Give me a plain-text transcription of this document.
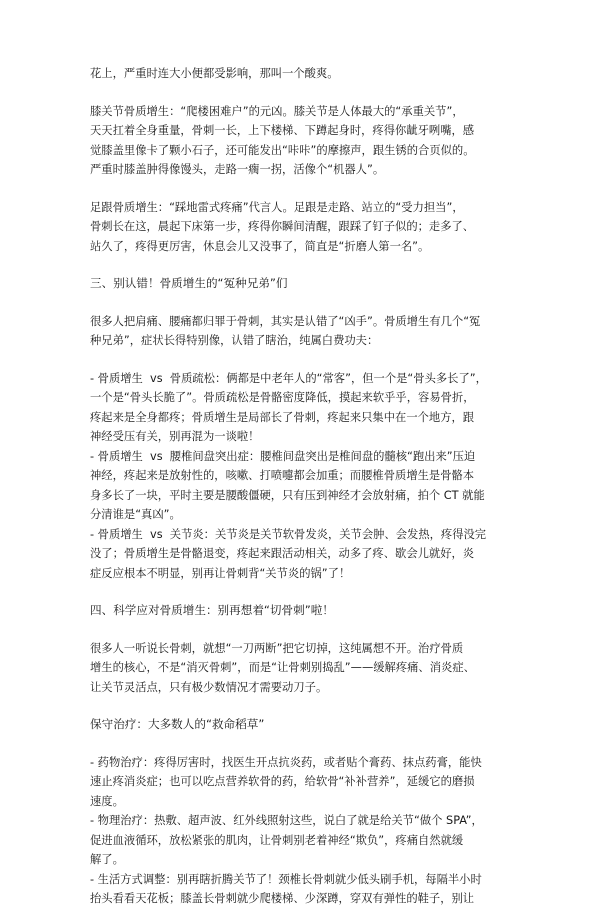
花上，严重时连大小便都受影响，那叫一个酸爽。
膝关节骨质增生：“爬楼困难户”的元凶。膝关节是人体最大的“承重关节”，
天天扛着全身重量，骨刺一长，上下楼梯、下蹲起身时，疼得你龇牙咧嘴，感
觉膝盖里像卡了颗小石子，还可能发出“咔咔”的摩擦声，跟生锈的合页似的。
严重时膝盖肿得像馒头，走路一瘸一拐，活像个“机器人”。
足跟骨质增生：“踩地雷式疼痛”代言人。足跟是走路、站立的“受力担当”，
骨刺长在这，晨起下床第一步，疼得你瞬间清醒，跟踩了钉子似的；走多了、
站久了，疼得更厉害，休息会儿又没事了，简直是“折磨人第一名”。
三、别认错！骨质增生的“冤种兄弟”们
很多人把肩痛、腰痛都归罪于骨刺，其实是认错了“凶手”。骨质增生有几个“冤
种兄弟”，症状长得特别像，认错了瞎治，纯属白费功夫：
- 骨质增生  vs  骨质疏松：俩都是中老年人的“常客”，但一个是“骨头多长了”，
一个是“骨头长脆了”。骨质疏松是骨骼密度降低，摸起来软乎乎，容易骨折，
疼起来是全身都疼；骨质增生是局部长了骨刺，疼起来只集中在一个地方，跟
神经受压有关，别再混为一谈啦！
- 骨质增生  vs  腰椎间盘突出症：腰椎间盘突出是椎间盘的髓核“跑出来”压迫
神经，疼起来是放射性的，咳嗽、打喷嚏都会加重；而腰椎骨质增生是骨骼本
身多长了一块，平时主要是腰酸僵硬，只有压到神经才会放射痛，拍个 CT 就能
分清谁是“真凶”。
- 骨质增生  vs  关节炎：关节炎是关节软骨发炎，关节会肿、会发热，疼得没完
没了；骨质增生是骨骼退变，疼起来跟活动相关，动多了疼、歇会儿就好，炎
症反应根本不明显，别再让骨刺背“关节炎的锅”了！
四、科学应对骨质增生：别再想着“切骨刺”啦！
很多人一听说长骨刺，就想“一刀两断”把它切掉，这纯属想不开。治疗骨质
增生的核心，不是“消灭骨刺”，而是“让骨刺别捣乱”——缓解疼痛、消炎症、
让关节灵活点，只有极少数情况才需要动刀子。
保守治疗：大多数人的“救命稻草”
- 药物治疗：疼得厉害时，找医生开点抗炎药，或者贴个膏药、抹点药膏，能快
速止疼消炎症；也可以吃点营养软骨的药，给软骨“补补营养”，延缓它的磨损
速度。
- 物理治疗：热敷、超声波、红外线照射这些，说白了就是给关节“做个 SPA”，
促进血液循环，放松紧张的肌肉，让骨刺别老着神经“欺负”，疼痛自然就缓
解了。
- 生活方式调整：别再瞎折腾关节了！颈椎长骨刺就少低头刷手机，每隔半小时
抬头看看天花板；膝盖长骨刺就少爬楼梯、少深蹲，穿双有弹性的鞋子，别让
